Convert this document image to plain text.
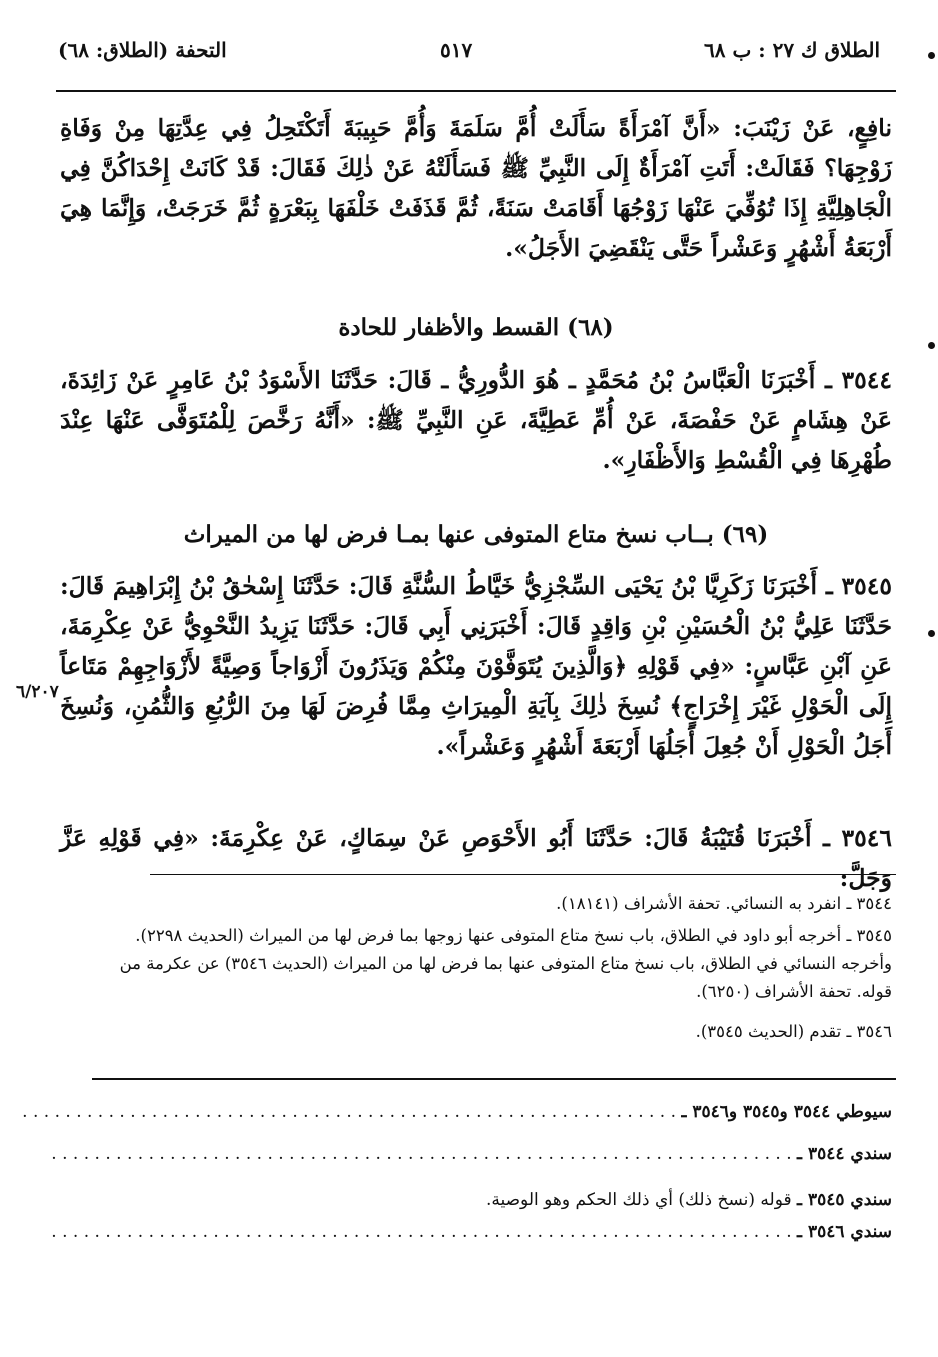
الطلاق ك ٢٧ : ب ٦٨
٥١٧
التحفة (الطلاق: ٦٨)

نافِعٍ، عَنْ زَيْنَبَ: «أَنَّ آمْرَأَةً سَأَلَتْ أُمَّ سَلَمَةَ وَأُمَّ حَبِيبَةَ أَتَكْتَحِلُ فِي عِدَّتِهَا مِنْ وَفَاةِ زَوْجِهَا؟ فَقَالَتْ: أَتَتِ آمْرَأَةٌ إِلَى النَّبِيِّ ﷺ فَسَأَلَتْهُ عَنْ ذٰلِكَ فَقَالَ: قَدْ كَانَتْ إِحْدَاكُنَّ فِي الْجَاهِلِيَّةِ إِذَا تُوُفِّيَ عَنْهَا زَوْجُهَا أَقَامَتْ سَنَةً، ثُمَّ قَذَفَتْ خَلْفَهَا بِبَعْرَةٍ ثُمَّ خَرَجَتْ، وَإِنَّمَا هِيَ أَرْبَعَةُ أَشْهُرٍ وَعَشْراً حَتَّى يَنْقَضِيَ الأَجَلُ».

(٦٨) القسط والأظفار للحادة

٣٥٤٤ ـ أَخْبَرَنَا الْعَبَّاسُ بْنُ مُحَمَّدٍ ـ هُوَ الدُّورِيُّ ـ قَالَ: حَدَّثَنَا الأَسْوَدُ بْنُ عَامِرٍ عَنْ زَائِدَةَ، عَنْ هِشَامٍ عَنْ حَفْصَةَ، عَنْ أُمِّ عَطِيَّةَ، عَنِ النَّبِيِّ ﷺ: «أَنَّهُ رَخَّصَ لِلْمُتَوَفَّى عَنْهَا عِنْدَ طُهْرِهَا فِي الْقُسْطِ وَالأَظْفَارِ».

(٦٩) بــاب نسخ متاع المتوفى عنها بمـا فرض لها من الميراث

٣٥٤٥ ـ أَخْبَرَنَا زَكَرِيَّا بْنُ يَحْيَى السِّجْزِيُّ خَيَّاطُ السُّنَّةِ قَالَ: حَدَّثَنَا إِسْحٰقُ بْنُ إِبْرَاهِيمَ قَالَ: حَدَّثَنَا عَلِيُّ بْنُ الْحُسَيْنِ بْنِ وَاقِدٍ قَالَ: أَخْبَرَنِي أَبِي قَالَ: حَدَّثَنَا يَزِيدُ النَّحْوِيُّ عَنْ عِكْرِمَةَ، عَنِ آبْنِ عَبَّاسٍ: «فِي قَوْلِهِ ﴿وَالَّذِينَ يُتَوَفَّوْنَ مِنْكُمْ وَيَذَرُونَ أَزْوَاجاً وَصِيَّةً لأَزْوَاجِهِمْ مَتَاعاً إِلَى الْحَوْلِ غَيْرَ إِخْرَاجٍ﴾ نُسِخَ ذٰلِكَ بِآيَةِ الْمِيرَاثِ مِمَّا فُرِضَ لَهَا مِنَ الرُّبُعِ وَالثُّمُنِ، وَنُسِخَ أَجَلُ الْحَوْلِ أَنْ جُعِلَ أَجَلُهَا أَرْبَعَةَ أَشْهُرٍ وَعَشْراً».

٦/٢٠٧

٣٥٤٦ ـ أَخْبَرَنَا قُتَيْبَةُ قَالَ: حَدَّثَنَا أَبُو الأَحْوَصِ عَنْ سِمَاكٍ، عَنْ عِكْرِمَةَ: «فِي قَوْلِهِ عَزَّ وَجَلَّ:

٣٥٤٤ ـ انفرد به النسائي. تحفة الأشراف (١٨١٤١).

٣٥٤٥ ـ أخرجه أبو داود في الطلاق، باب نسخ متاع المتوفى عنها زوجها بما فرض لها من الميراث (الحديث ٢٢٩٨). وأخرجه النسائي في الطلاق، باب نسخ متاع المتوفى عنها بما فرض لها من الميراث (الحديث ٣٥٤٦) عن عكرمة من قوله. تحفة الأشراف (٦٢٥٠).

٣٥٤٦ ـ تقدم (الحديث ٣٥٤٥).

سيوطي ٣٥٤٤ و٣٥٤٥ و٣٥٤٦ ـ . . . . . . . . . . . . . . . . . . . . . . . . . . . . . . . . . . . . . . . . . . . . . . . . . . . . . . . . . . . . .

سندي ٣٥٤٤ ـ . . . . . . . . . . . . . . . . . . . . . . . . . . . . . . . . . . . . . . . . . . . . . . . . . . . . . . . . . . . . . . . . . . . . .

سندي ٣٥٤٥ ـ قوله (نسخ ذلك) أي ذلك الحكم وهو الوصية.

سندي ٣٥٤٦ ـ . . . . . . . . . . . . . . . . . . . . . . . . . . . . . . . . . . . . . . . . . . . . . . . . . . . . . . . . . . . . . . . . . . . . .
